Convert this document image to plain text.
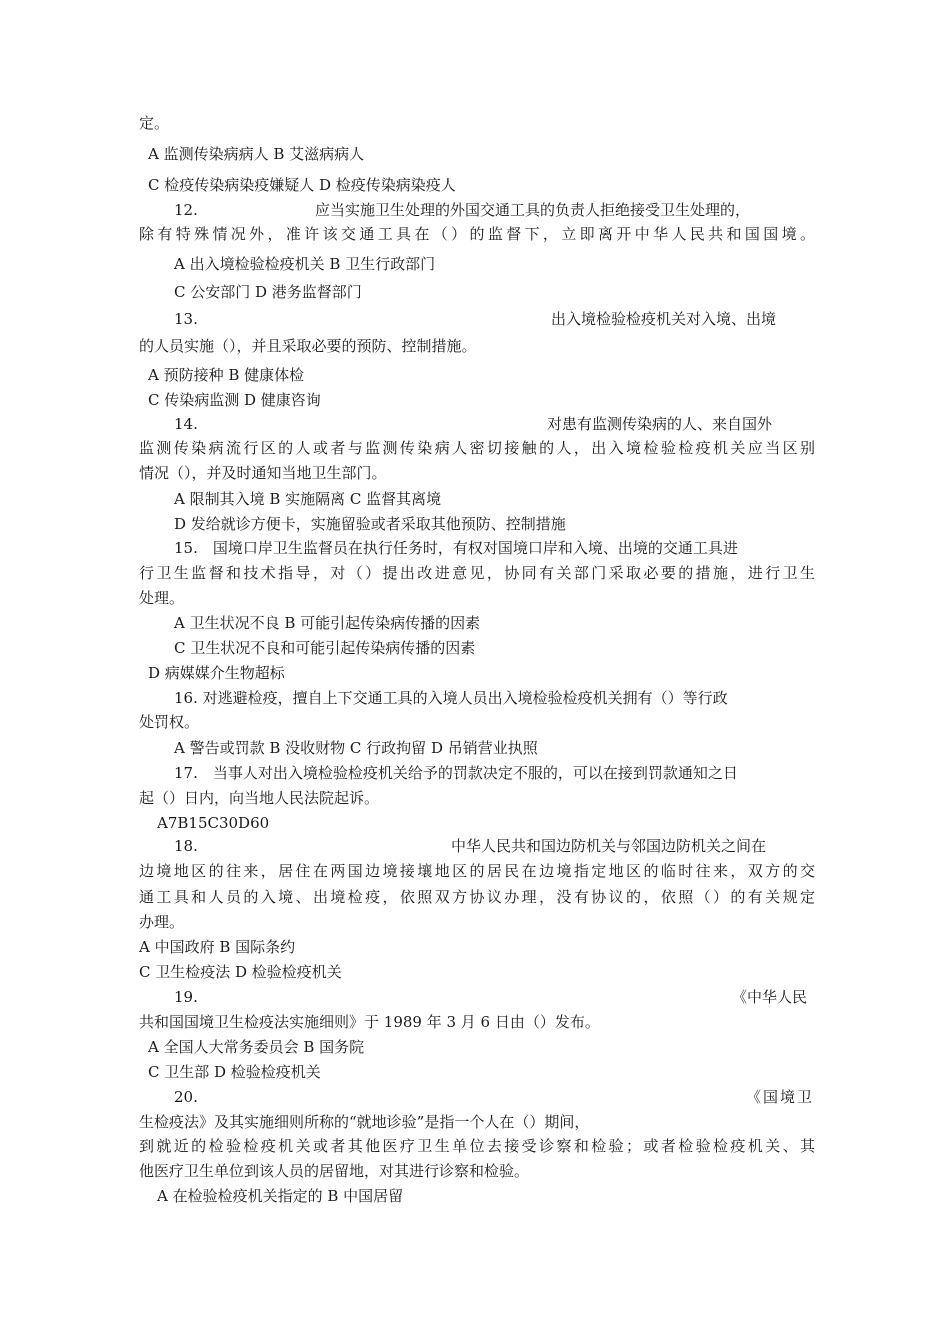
定。
A 监测传染病病人 B 艾滋病病人
C 检疫传染病染疫嫌疑人 D 检疫传染病染疫人
12.	应当实施卫生处理的外国交通工具的负责人拒绝接受卫生处理的，
除有特殊情况外，准许该交通工具在（）的监督下，立即离开中华人民共和国国境。
A 出入境检验检疫机关 B 卫生行政部门
C 公安部门 D 港务监督部门
13.	出入境检验检疫机关对入境、出境
的人员实施（），并且采取必要的预防、控制措施。
A 预防接种 B 健康体检
C 传染病监测 D 健康咨询
14.	对患有监测传染病的人、来自国外
监测传染病流行区的人或者与监测传染病人密切接触的人，出入境检验检疫机关应当区别
情况（），并及时通知当地卫生部门。
A 限制其入境 B 实施隔离 C 监督其离境
D 发给就诊方便卡，实施留验或者采取其他预防、控制措施
15.　国境口岸卫生监督员在执行任务时，有权对国境口岸和入境、出境的交通工具进
行卫生监督和技术指导，对（）提出改进意见，协同有关部门采取必要的措施，进行卫生
处理。
A 卫生状况不良 B 可能引起传染病传播的因素
C 卫生状况不良和可能引起传染病传播的因素
D 病媒媒介生物超标
16. 对逃避检疫，擅自上下交通工具的入境人员出入境检验检疫机关拥有（）等行政
处罚权。
A 警告或罚款 B 没收财物 C 行政拘留 D 吊销营业执照
17.　当事人对出入境检验检疫机关给予的罚款决定不服的，可以在接到罚款通知之日
起（）日内，向当地人民法院起诉。
A7B15C30D60
18.	中华人民共和国边防机关与邻国边防机关之间在
边境地区的往来，居住在两国边境接壤地区的居民在边境指定地区的临时往来，双方的交
通工具和人员的入境、出境检疫，依照双方协议办理，没有协议的，依照（）的有关规定
办理。
A 中国政府 B 国际条约
C 卫生检疫法 D 检验检疫机关
19.	《中华人民
共和国国境卫生检疫法实施细则》于 1989 年 3 月 6 日由（）发布。
A 全国人大常务委员会 B 国务院
C 卫生部 D 检验检疫机关
20.	《国境卫
生检疫法》及其实施细则所称的“就地诊验”是指一个人在（）期间，
到就近的检验检疫机关或者其他医疗卫生单位去接受诊察和检验；或者检验检疫机关、其
他医疗卫生单位到该人员的居留地，对其进行诊察和检验。
A 在检验检疫机关指定的 B 中国居留
